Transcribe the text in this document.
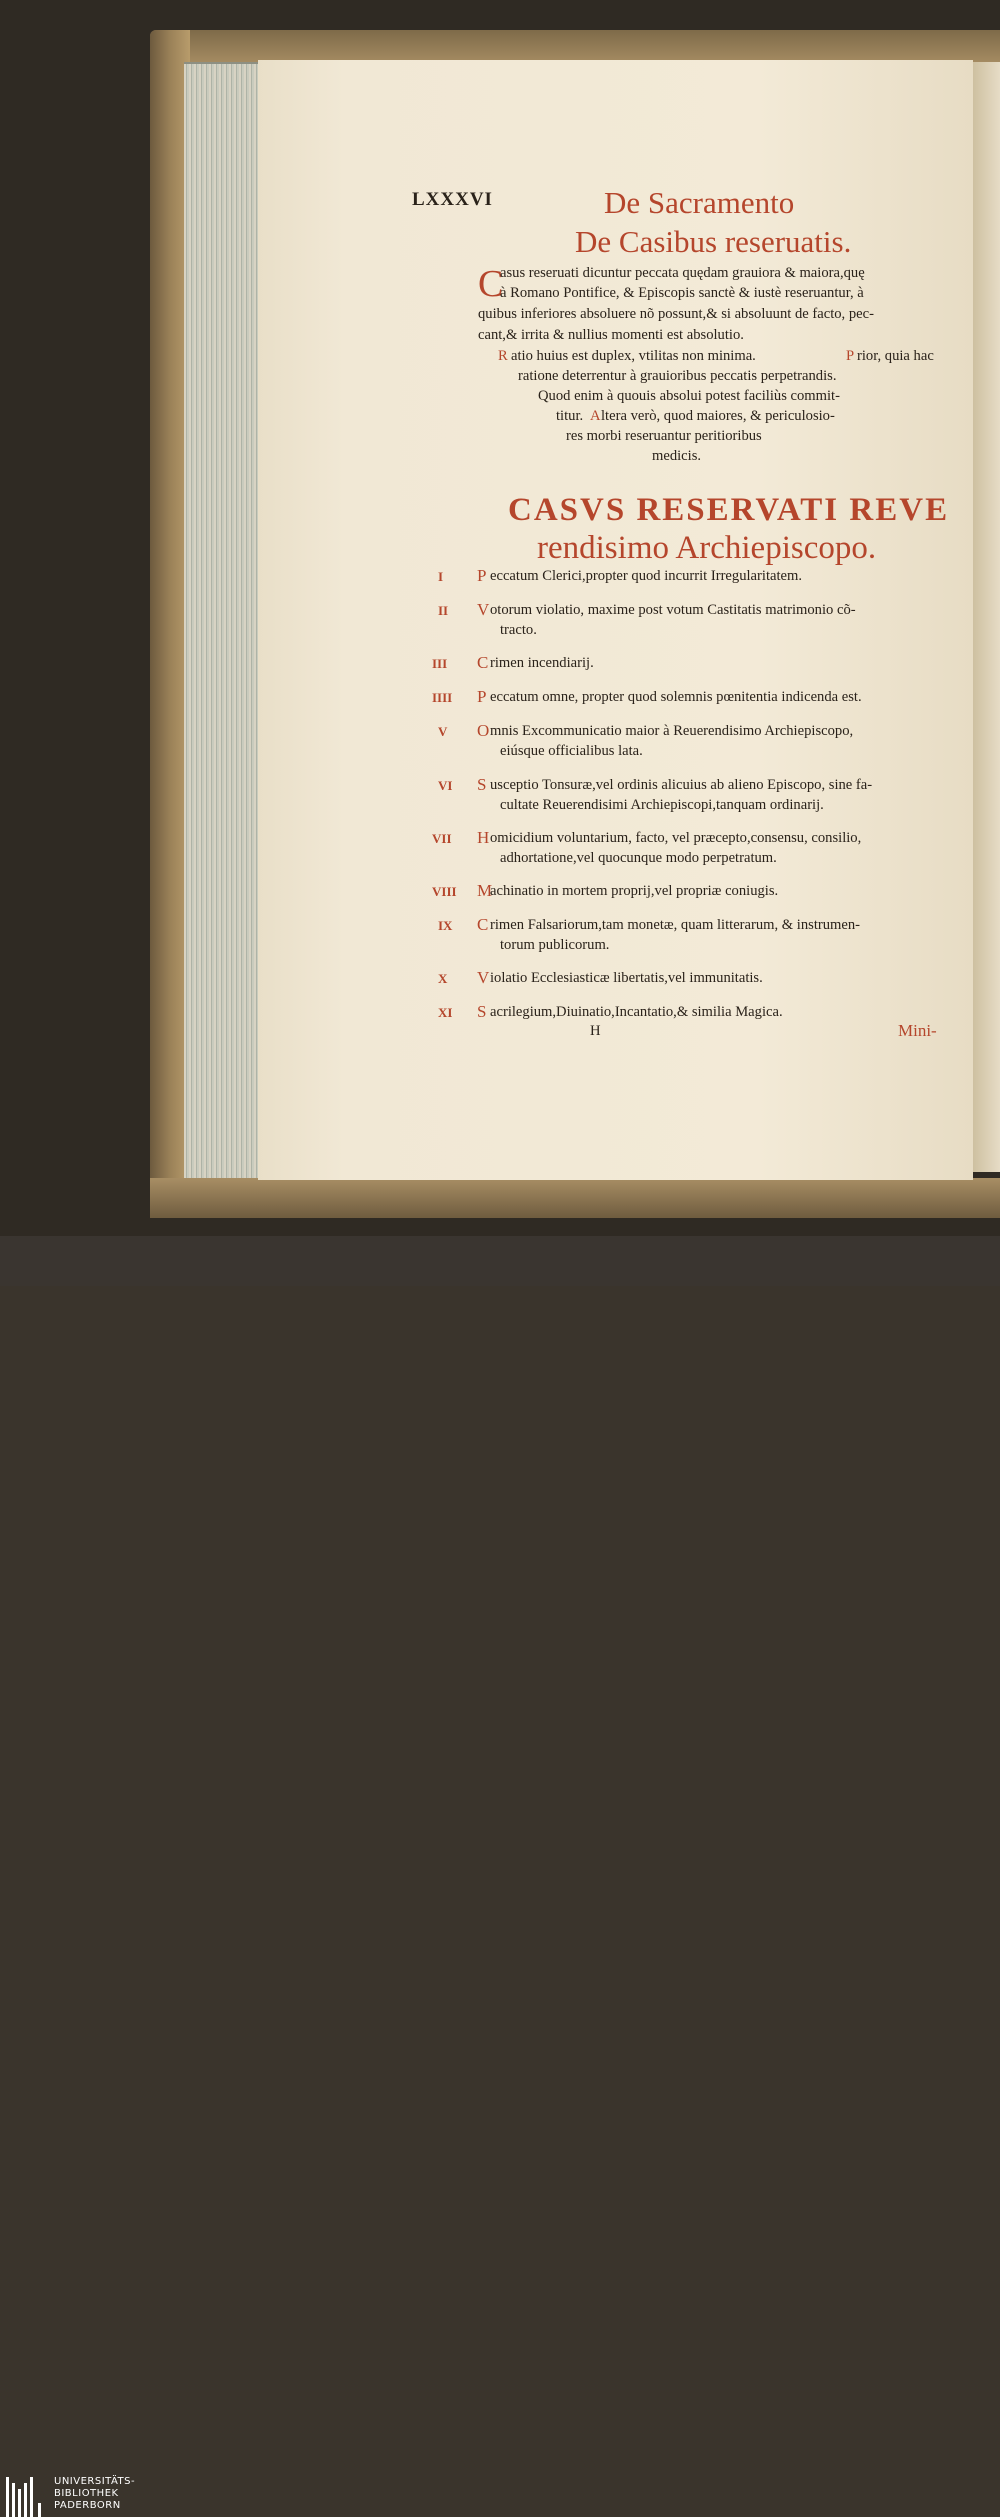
LXXXVI	De Sacramento
De Casibus reseruatis.
C
asus reseruati dicuntur peccata quędam grauiora & maiora,quę
à Romano Pontifice, & Episcopis sanctè & iustè reseruantur, à
quibus inferiores absoluere nõ possunt,& si absoluunt de facto, pec-
cant,& irrita & nullius momenti est absolutio.
R atio huius est duplex, vtilitas non minima.	P rior, quia hac
ratione deterrentur à grauioribus peccatis perpetrandis.
Quod enim à quouis absolui potest faciliùs commit-
titur. A ltera verò, quod maiores, & periculosio-
res morbi reseruantur peritioribus
medicis.
CASVS RESERVATI REVE
rendisimo Archiepiscopo.
I P eccatum Clerici,propter quod incurrit Irregularitatem.
II V otorum violatio, maxime post votum Castitatis matrimonio cõ-
tracto.
III C rimen incendiarij.
IIII P eccatum omne, propter quod solemnis pœnitentia indicenda est.
V O mnis Excommunicatio maior à Reuerendisimo Archiepiscopo,
eiúsque officialibus lata.
VI S usceptio Tonsuræ,vel ordinis alicuius ab alieno Episcopo, sine fa-
cultate Reuerendisimi Archiepiscopi,tanquam ordinarij.
VII H omicidium voluntarium, facto, vel præcepto,consensu, consilio,
adhortatione,vel quocunque modo perpetratum.
VIII M
achinatio in mortem proprij,vel propriæ coniugis.
IX C rimen Falsariorum,tam monetæ, quam litterarum, & instrumen-
torum publicorum.
X V iolatio Ecclesiasticæ libertatis,vel immunitatis.
XI S acrilegium,Diuinatio,Incantatio,& similia Magica.
H	Mini-
UNIVERSITÄTS-
BIBLIOTHEK
PADERBORN
